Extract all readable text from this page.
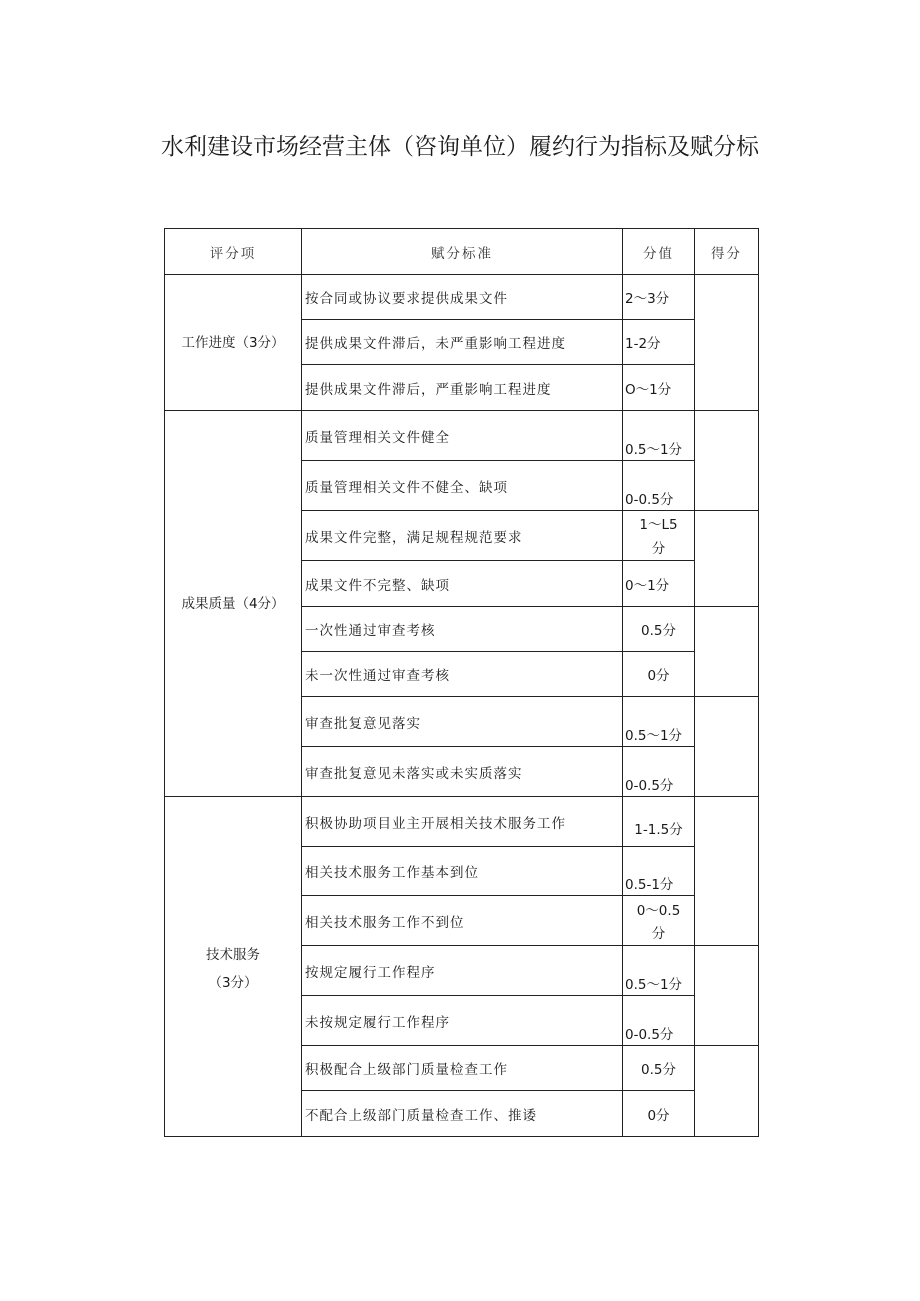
水利建设市场经营主体（咨询单位）履约行为指标及赋分标
评分项	赋分标准	分值	得分
工作进度（3分）	按合同或协议要求提供成果文件	2～3分	

	提供成果文件滞后，未严重影响工程进度	1-2分	

	提供成果文件滞后，严重影响工程进度	O～1分	

成果质量（4分）	质量管理相关文件健全	0.5～1分	

	质量管理相关文件不健全、缺项	0-0.5分	

	成果文件完整，满足规程规范要求	1～L5
分	

	成果文件不完整、缺项	0～1分	

	一次性通过审查考核	0.5分	

	未一次性通过审查考核	0分	

	审查批复意见落实	0.5～1分	

	审查批复意见未落实或未实质落实	0-0.5分	

技术服务
（3分）	积极协助项目业主开展相关技术服务工作	1-1.5分	

	相关技术服务工作基本到位	0.5-1分	

	相关技术服务工作不到位	0～0.5
分	

	按规定履行工作程序	0.5～1分	

	未按规定履行工作程序	0-0.5分	

	积极配合上级部门质量检查工作	0.5分	

	不配合上级部门质量检查工作、推诿	0分	
